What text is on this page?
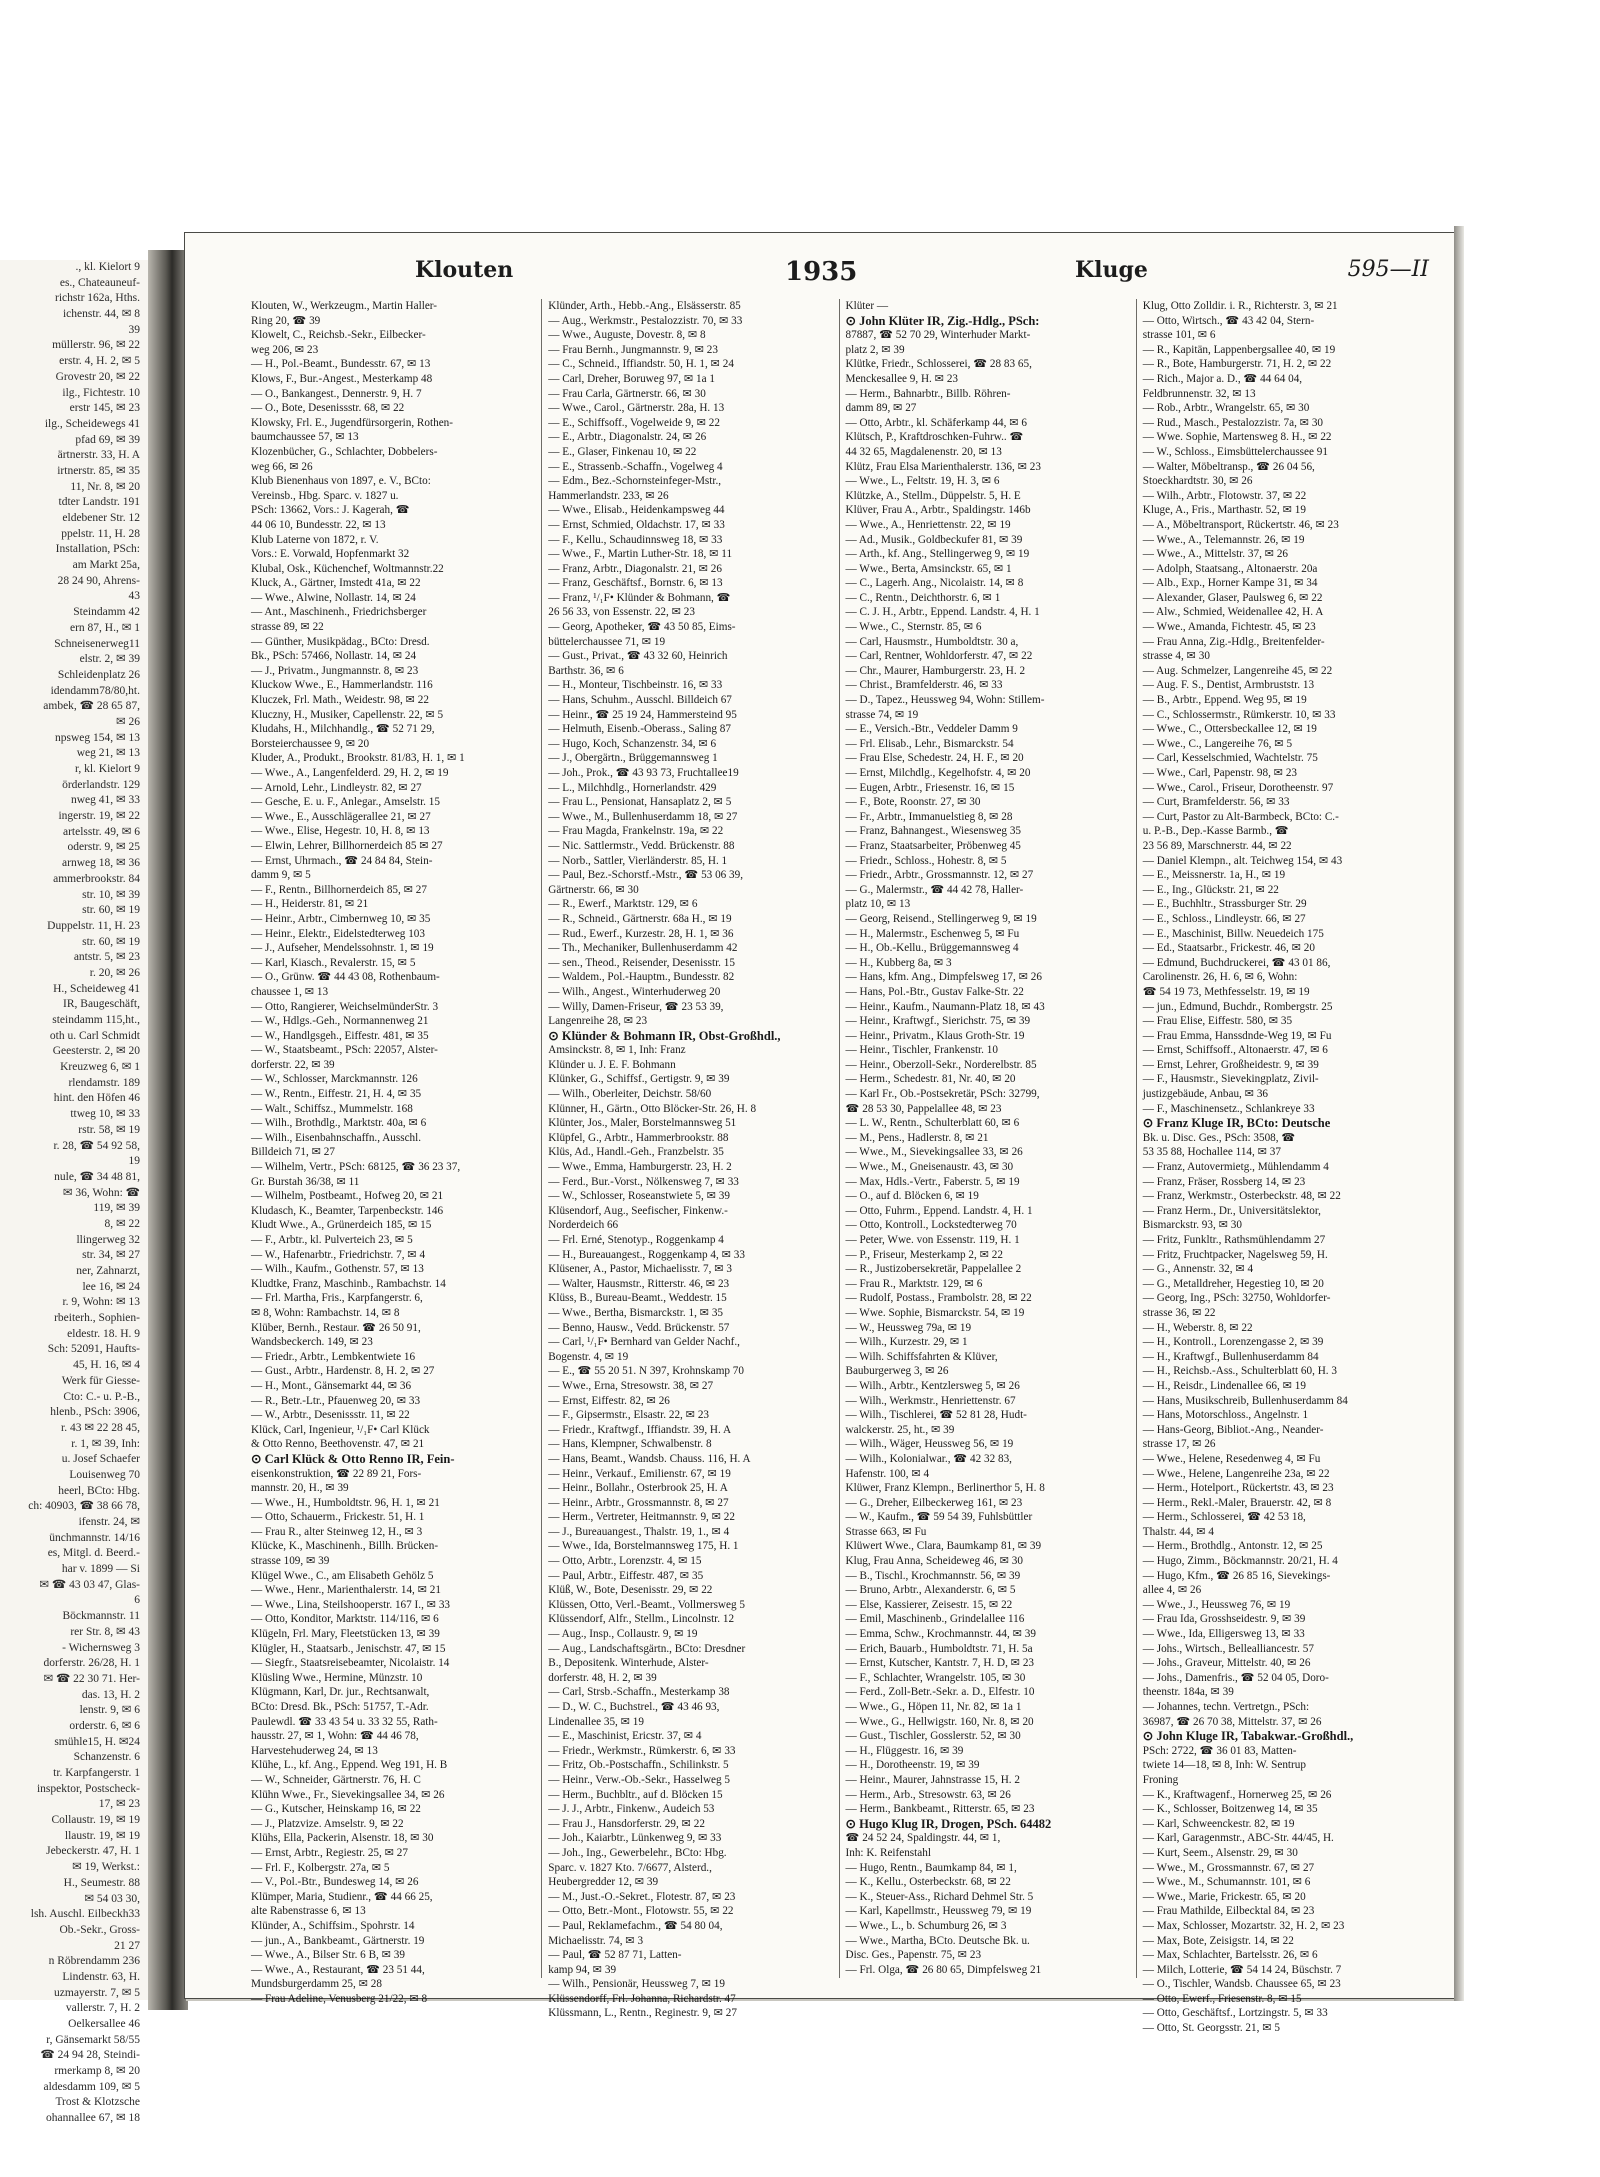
., kl. Kielort 9
es., Chateauneuf-
richstr 162a, Hths.
ichenstr. 44, ✉ 8
39
müllerstr. 96, ✉ 22
erstr. 4, H. 2, ✉ 5
Grovestr 20, ✉ 22
ilg., Fichtestr. 10
erstr 145, ✉ 23
ilg., Scheidewegs 41
pfad 69, ✉ 39
ärtnerstr. 33, H. A
irtnerstr. 85, ✉ 35
11, Nr. 8, ✉ 20
tdter Landstr. 191
eldebener Str. 12
ppelstr. 11, H. 28
Installation, PSch:
am Markt 25a,
28 24 90, Ahrens-
43
Steindamm 42
ern 87, H., ✉ 1
Schneisenerweg11
elstr. 2, ✉ 39
Schleidenplatz 26
idendamm78/80,ht.
ambek, ☎ 28 65 87,
✉ 26
npsweg 154, ✉ 13
weg 21, ✉ 13
r, kl. Kielort 9
örderlandstr. 129
nweg 41, ✉ 33
ingerstr. 19, ✉ 22
artelsstr. 49, ✉ 6
oderstr. 9, ✉ 25
arnweg 18, ✉ 36
ammerbrookstr. 84
str. 10, ✉ 39
str. 60, ✉ 19
Duppelstr. 11, H. 23
str. 60, ✉ 19
antstr. 5, ✉ 23
r. 20, ✉ 26
H., Scheideweg 41
IR, Baugeschäft,
steindamm 115,ht.,
oth u. Carl Schmidt
Geesterstr. 2, ✉ 20
Kreuzweg 6, ✉ 1
rlendamstr. 189
hint. den Höfen 46
ttweg 10, ✉ 33
rstr. 58, ✉ 19
r. 28, ☎ 54 92 58,
19
nule, ☎ 34 48 81,
✉ 36, Wohn: ☎
119, ✉ 39
8, ✉ 22
llingerweg 32
str. 34, ✉ 27
ner, Zahnarzt,
lee 16, ✉ 24
r. 9, Wohn: ✉ 13
rbeiterh., Sophien-
eldestr. 18. H. 9
Sch: 52091, Haufts-
45, H. 16, ✉ 4
Werk für Giesse-
Cto: C.- u. P.-B.,
hlenb., PSch: 3906,
r. 43 ✉ 22 28 45,
r. 1, ✉ 39, Inh:
u. Josef Schaefer
Louisenweg 70
heerl, BCto: Hbg.
ch: 40903, ☎ 38 66 78,
ifenstr. 24, ✉
ünchmannstr. 14/16
es, Mitgl. d. Beerd.-
har v. 1899 — Si
✉ ☎ 43 03 47, Glas-
6
Böckmannstr. 11
rer Str. 8, ✉ 43
- Wichernsweg 3
dorferstr. 26/28, H. 1
✉ ☎ 22 30 71. Her-
das. 13, H. 2
lenstr. 9, ✉ 6
orderstr. 6, ✉ 6
smühle15, H. ✉24
Schanzenstr. 6
tr. Karpfangerstr. 1
inspektor, Postscheck-
17, ✉ 23
Collaustr. 19, ✉ 19
llaustr. 19, ✉ 19
Jebeckerstr. 47, H. 1
✉ 19, Werkst.:
H., Seumestr. 88
✉ 54 03 30,
lsh. Auschl. Eilbeckh33
Ob.-Sekr., Gross-
21 27
n Röbrendamm 236
Lindenstr. 63, H.
uzmayerstr. 7, ✉ 5
vallerstr. 7, H. 2
Oelkersallee 46
r, Gänsemarkt 58/55
☎ 24 94 28, Steindi-
rmerkamp 8, ✉ 20
aldesdamm 109, ✉ 5
Trost & Klotzsche
ohannallee 67, ✉ 18
Klouten	1935	Kluge	595—II
Klouten, W., Werkzeugm., Martin Haller-
Ring 20, ☎ 39
Klowelt, C., Reichsb.-Sekr., Eilbecker-
weg 206, ✉ 23
— H., Pol.-Beamt., Bundesstr. 67, ✉ 13
Klows, F., Bur.-Angest., Mesterkamp 48
— O., Bankangest., Dennerstr. 9, H. 7
— O., Bote, Desenissstr. 68, ✉ 22
Klowsky, Frl. E., Jugendfürsorgerin, Rothen-
baumchaussee 57, ✉ 13
Klozenbücher, G., Schlachter, Dobbelers-
weg 66, ✉ 26
Klub Bienenhaus von 1897, e. V., BCto:
Vereinsb., Hbg. Sparc. v. 1827 u.
PSch: 13662, Vors.: J. Kagerah, ☎
44 06 10, Bundesstr. 22, ✉ 13
Klub Laterne von 1872, r. V.
Vors.: E. Vorwald, Hopfenmarkt 32
Klubal, Osk., Küchenchef, Woltmannstr.22
Kluck, A., Gärtner, Imstedt 41a, ✉ 22
— Wwe., Alwine, Nollastr. 14, ✉ 24
— Ant., Maschinenh., Friedrichsberger
strasse 89, ✉ 22
— Günther, Musikpädag., BCto: Dresd.
Bk., PSch: 57466, Nollastr. 14, ✉ 24
— J., Privatm., Jungmannstr. 8, ✉ 23
Kluckow Wwe., E., Hammerlandstr. 116
Kluczek, Frl. Math., Weidestr. 98, ✉ 22
Kluczny, H., Musiker, Capellenstr. 22, ✉ 5
Kludahs, H., Milchhandlg., ☎ 52 71 29,
Borsteierchaussee 9, ✉ 20
Kluder, A., Produkt., Brookstr. 81/83, H. 1, ✉ 1
— Wwe., A., Langenfelderd. 29, H. 2, ✉ 19
— Arnold, Lehr., Lindleystr. 82, ✉ 27
— Gesche, E. u. F., Anlegar., Amselstr. 15
— Wwe., E., Ausschlägerallee 21, ✉ 27
— Wwe., Elise, Hegestr. 10, H. 8, ✉ 13
— Elwin, Lehrer, Billhornerdeich 85 ✉ 27
— Ernst, Uhrmach., ☎ 24 84 84, Stein-
damm 9, ✉ 5
— F., Rentn., Billhornerdeich 85, ✉ 27
— H., Heiderstr. 81, ✉ 21
— Heinr., Arbtr., Cimbernweg 10, ✉ 35
— Heinr., Elektr., Eidelstedterweg 103
— J., Aufseher, Mendelssohnstr. 1, ✉ 19
— Karl, Kiasch., Revalerstr. 15, ✉ 5
— O., Grünw. ☎ 44 43 08, Rothenbaum-
chaussee 1, ✉ 13
— Otto, Rangierer, WeichselmünderStr. 3
— W., Hdlgs.-Geh., Normannenweg 21
— W., Handlgsgeh., Eiffestr. 481, ✉ 35
— W., Staatsbeamt., PSch: 22057, Alster-
dorferstr. 22, ✉ 39
— W., Schlosser, Marckmannstr. 126
— W., Rentn., Eiffestr. 21, H. 4, ✉ 35
— Walt., Schiffsz., Mummelstr. 168
— Wilh., Brothdlg., Marktstr. 40a, ✉ 6
— Wilh., Eisenbahnschaffn., Ausschl.
Billdeich 71, ✉ 27
— Wilhelm, Vertr., PSch: 68125, ☎ 36 23 37,
Gr. Burstah 36/38, ✉ 11
— Wilhelm, Postbeamt., Hofweg 20, ✉ 21
Kludasch, K., Beamter, Tarpenbeckstr. 146
Kludt Wwe., A., Grünerdeich 185, ✉ 15
— F., Arbtr., kl. Pulverteich 23, ✉ 5
— W., Hafenarbtr., Friedrichstr. 7, ✉ 4
— Wilh., Kaufm., Gothenstr. 57, ✉ 13
Kludtke, Franz, Maschinb., Rambachstr. 14
— Frl. Martha, Fris., Karpfangerstr. 6,
✉ 8, Wohn: Rambachstr. 14, ✉ 8
Klüber, Bernh., Restaur. ☎ 26 50 91,
Wandsbeckerch. 149, ✉ 23
— Friedr., Arbtr., Lembkentwiete 16
— Gust., Arbtr., Hardenstr. 8, H. 2, ✉ 27
— H., Mont., Gänsemarkt 44, ✉ 36
— R., Betr.-Ltr., Pfauenweg 20, ✉ 33
— W., Arbtr., Desenissstr. 11, ✉ 22
Klück, Carl, Ingenieur, ¹/₁F• Carl Klück
& Otto Renno, Beethovenstr. 47, ✉ 21
⊙ Carl Klück & Otto Renno IR, Fein-
eisenkonstruktion, ☎ 22 89 21, Fors-
mannstr. 20, H., ✉ 39
— Wwe., H., Humboldtstr. 96, H. 1, ✉ 21
— Otto, Schauerm., Frickestr. 51, H. 1
— Frau R., alter Steinweg 12, H., ✉ 3
Klücke, K., Maschinenh., Billh. Brücken-
strasse 109, ✉ 39
Klügel Wwe., C., am Elisabeth Gehölz 5
— Wwe., Henr., Marienthalerstr. 14, ✉ 21
— Wwe., Lina, Steilshooperstr. 167 I., ✉ 33
— Otto, Konditor, Marktstr. 114/116, ✉ 6
Klügeln, Frl. Mary, Fleetstücken 13, ✉ 39
Klügler, H., Staatsarb., Jenischstr. 47, ✉ 15
— Siegfr., Staatsreisebeamter, Nicolaistr. 14
Klüsling Wwe., Hermine, Münzstr. 10
Klügmann, Karl, Dr. jur., Rechtsanwalt,
BCto: Dresd. Bk., PSch: 51757, T.-Adr.
Paulewdl. ☎ 33 43 54 u. 33 32 55, Rath-
hausstr. 27, ✉ 1, Wohn: ☎ 44 46 78,
Harvestehuderweg 24, ✉ 13
Klühe, L., kf. Ang., Eppend. Weg 191, H. B
— W., Schneider, Gärtnerstr. 76, H. C
Klühn Wwe., Fr., Sievekingsallee 34, ✉ 26
— G., Kutscher, Heinskamp 16, ✉ 22
— J., Platzvize. Amselstr. 9, ✉ 22
Klühs, Ella, Packerin, Alsenstr. 18, ✉ 30
— Ernst, Arbtr., Regiestr. 25, ✉ 27
— Frl. F., Kolbergstr. 27a, ✉ 5
— V., Pol.-Btr., Bundesweg 14, ✉ 26
Klümper, Maria, Studienr., ☎ 44 66 25,
alte Rabenstrasse 6, ✉ 13
Klünder, A., Schiffsim., Spohrstr. 14
— jun., A., Bankbeamt., Gärtnerstr. 19
— Wwe., A., Bilser Str. 6 B, ✉ 39
— Wwe., A., Restaurant, ☎ 23 51 44,
Mundsburgerdamm 25, ✉ 28
— Frau Adeline, Venusberg 21/22, ✉ 8
Klünder, Arth., Hebb.-Ang., Elsässerstr. 85
— Aug., Werkmstr., Pestalozzistr. 70, ✉ 33
— Wwe., Auguste, Dovestr. 8, ✉ 8
— Frau Bernh., Jungmannstr. 9, ✉ 23
— C., Schneid., Iffiandstr. 50, H. 1, ✉ 24
— Carl, Dreher, Boruweg 97, ✉ 1a 1
— Frau Carla, Gärtnerstr. 66, ✉ 30
— Wwe., Carol., Gärtnerstr. 28a, H. 13
— E., Schiffsoff., Vogelweide 9, ✉ 22
— E., Arbtr., Diagonalstr. 24, ✉ 26
— E., Glaser, Finkenau 10, ✉ 22
— E., Strassenb.-Schaffn., Vogelweg 4
— Edm., Bez.-Schornsteinfeger-Mstr.,
Hammerlandstr. 233, ✉ 26
— Wwe., Elisab., Heidenkampsweg 44
— Ernst, Schmied, Oldachstr. 17, ✉ 33
— F., Kellu., Schaudinnsweg 18, ✉ 33
— Wwe., F., Martin Luther-Str. 18, ✉ 11
— Franz, Arbtr., Diagonalstr. 21, ✉ 26
— Franz, Geschäftsf., Bornstr. 6, ✉ 13
— Franz, ¹/₁F• Klünder & Bohmann, ☎
26 56 33, von Essenstr. 22, ✉ 23
— Georg, Apotheker, ☎ 43 50 85, Eims-
büttelerchaussee 71, ✉ 19
— Gust., Privat., ☎ 43 32 60, Heinrich
Barthstr. 36, ✉ 6
— H., Monteur, Tischbeinstr. 16, ✉ 33
— Hans, Schuhm., Ausschl. Billdeich 67
— Heinr., ☎ 25 19 24, Hammersteind 95
— Helmuth, Eisenb.-Oberass., Saling 87
— Hugo, Koch, Schanzenstr. 34, ✉ 6
— J., Obergärtn., Brüggemannsweg 1
— Joh., Prok., ☎ 43 93 73, Fruchtallee19
— L., Milchhdlg., Hornerlandstr. 429
— Frau L., Pensionat, Hansaplatz 2, ✉ 5
— Wwe., M., Bullenhuserdamm 18, ✉ 27
— Frau Magda, Frankelnstr. 19a, ✉ 22
— Nic. Sattlermstr., Vedd. Brückenstr. 88
— Norb., Sattler, Vierländerstr. 85, H. 1
— Paul, Bez.-Schorstf.-Mstr., ☎ 53 06 39,
Gärtnerstr. 66, ✉ 30
— R., Ewerf., Marktstr. 129, ✉ 6
— R., Schneid., Gärtnerstr. 68a H., ✉ 19
— Rud., Ewerf., Kurzestr. 28, H. 1, ✉ 36
— Th., Mechaniker, Bullenhuserdamm 42
— sen., Theod., Reisender, Desenisstr. 15
— Waldem., Pol.-Hauptm., Bundesstr. 82
— Wilh., Angest., Winterhuderweg 20
— Willy, Damen-Friseur, ☎ 23 53 39,
Langenreihe 28, ✉ 23
⊙ Klünder & Bohmann IR, Obst-Großhdl.,
Amsinckstr. 8, ✉ 1, Inh: Franz
Klünder u. J. E. F. Bohmann
Klünker, G., Schiffsf., Gertigstr. 9, ✉ 39
— Wilh., Oberleiter, Deichstr. 58/60
Klünner, H., Gärtn., Otto Blöcker-Str. 26, H. 8
Klünter, Jos., Maler, Borstelmannsweg 51
Klüpfel, G., Arbtr., Hammerbrookstr. 88
Klüs, Ad., Handl.-Geh., Franzbelstr. 35
— Wwe., Emma, Hamburgerstr. 23, H. 2
— Ferd., Bur.-Vorst., Nölkensweg 7, ✉ 33
— W., Schlosser, Roseanstwiete 5, ✉ 39
Klüsendorf, Aug., Seefischer, Finkenw.-
Norderdeich 66
— Frl. Erné, Stenotyp., Roggenkamp 4
— H., Bureauangest., Roggenkamp 4, ✉ 33
Klüsener, A., Pastor, Michaelisstr. 7, ✉ 3
— Walter, Hausmstr., Ritterstr. 46, ✉ 23
Klüss, B., Bureau-Beamt., Weddestr. 15
— Wwe., Bertha, Bismarckstr. 1, ✉ 35
— Benno, Hausw., Vedd. Brückenstr. 57
— Carl, ¹/₁F• Bernhard van Gelder Nachf.,
Bogenstr. 4, ✉ 19
— E., ☎ 55 20 51. N 397, Krohnskamp 70
— Wwe., Erna, Stresowstr. 38, ✉ 27
— Ernst, Eiffestr. 82, ✉ 26
— F., Gipsermstr., Elsastr. 22, ✉ 23
— Friedr., Kraftwgf., Iffiandstr. 39, H. A
— Hans, Klempner, Schwalbenstr. 8
— Hans, Beamt., Wandsb. Chauss. 116, H. A
— Heinr., Verkauf., Emilienstr. 67, ✉ 19
— Heinr., Bollahr., Osterbrook 25, H. A
— Heinr., Arbtr., Grossmannstr. 8, ✉ 27
— Herm., Vertreter, Heitmannstr. 9, ✉ 22
— J., Bureauangest., Thalstr. 19, 1., ✉ 4
— Wwe., Ida, Borstelmannsweg 175, H. 1
— Otto, Arbtr., Lorenzstr. 4, ✉ 15
— Paul, Arbtr., Eiffestr. 487, ✉ 35
Klüß, W., Bote, Desenisstr. 29, ✉ 22
Klüssen, Otto, Verl.-Beamt., Vollmersweg 5
Klüssendorf, Alfr., Stellm., Lincolnstr. 12
— Aug., Insp., Collaustr. 9, ✉ 19
— Aug., Landschaftsgärtn., BCto: Dresdner
B., Depositenk. Winterhude, Alster-
dorferstr. 48, H. 2, ✉ 39
— Carl, Strsb.-Schaffn., Mesterkamp 38
— D., W. C., Buchstrel., ☎ 43 46 93,
Lindenallee 35, ✉ 19
— E., Maschinist, Ericstr. 37, ✉ 4
— Friedr., Werkmstr., Rümkerstr. 6, ✉ 33
— Fritz, Ob.-Postschaffn., Schilinkstr. 5
— Heinr., Verw.-Ob.-Sekr., Hasselweg 5
— Herm., Buchbltr., auf d. Blöcken 15
— J. J., Arbtr., Finkenw., Audeich 53
— Frau J., Hansdorferstr. 29, ✉ 22
— Joh., Kaiarbtr., Lünkenweg 9, ✉ 33
— Joh., Ing., Gewerbelehr., BCto: Hbg.
Sparc. v. 1827 Kto. 7/6677, Alsterd.,
Heubergredder 12, ✉ 39
— M., Just.-O.-Sekret., Flotestr. 87, ✉ 23
— Otto, Betr.-Mont., Flotowstr. 55, ✉ 22
— Paul, Reklamefachm., ☎ 54 80 04,
Michaelisstr. 74, ✉ 3
— Paul, ☎ 52 87 71, Latten-
kamp 94, ✉ 39
— Wilh., Pensionär, Heussweg 7, ✉ 19
Klüssendorff, Frl. Johanna, Richardstr. 47
Klüssmann, L., Rentn., Reginestr. 9, ✉ 27
Klüter —
⊙ John Klüter IR, Zig.-Hdlg., PSch:
87887, ☎ 52 70 29, Winterhuder Markt-
platz 2, ✉ 39
Klütke, Friedr., Schlosserei, ☎ 28 83 65,
Menckesallee 9, H. ✉ 23
— Herm., Bahnarbtr., Billb. Röhren-
damm 89, ✉ 27
— Otto, Arbtr., kl. Schäferkamp 44, ✉ 6
Klütsch, P., Kraftdroschken-Fuhrw.. ☎
44 32 65, Magdalenenstr. 20, ✉ 13
Klütz, Frau Elsa Marienthalerstr. 136, ✉ 23
— Wwe., L., Feltstr. 19, H. 3, ✉ 6
Klützke, A., Stellm., Düppelstr. 5, H. E
Klüver, Frau A., Arbtr., Spaldingstr. 146b
— Wwe., A., Henriettenstr. 22, ✉ 19
— Ad., Musik., Goldbeckufer 81, ✉ 39
— Arth., kf. Ang., Stellingerweg 9, ✉ 19
— Wwe., Berta, Amsinckstr. 65, ✉ 1
— C., Lagerh. Ang., Nicolaistr. 14, ✉ 8
— C., Rentn., Deichthorstr. 6, ✉ 1
— C. J. H., Arbtr., Eppend. Landstr. 4, H. 1
— Wwe., C., Sternstr. 85, ✉ 6
— Carl, Hausmstr., Humboldtstr. 30 a,
— Carl, Rentner, Wohldorferstr. 47, ✉ 22
— Chr., Maurer, Hamburgerstr. 23, H. 2
— Christ., Bramfelderstr. 46, ✉ 33
— D., Tapez., Heussweg 94, Wohn: Stillem-
strasse 74, ✉ 19
— E., Versich.-Btr., Veddeler Damm 9
— Frl. Elisab., Lehr., Bismarckstr. 54
— Frau Else, Schedestr. 24, H. F., ✉ 20
— Ernst, Milchdlg., Kegelhofstr. 4, ✉ 20
— Eugen, Arbtr., Friesenstr. 16, ✉ 15
— F., Bote, Roonstr. 27, ✉ 30
— Fr., Arbtr., Immanuelstieg 8, ✉ 28
— Franz, Bahnangest., Wiesensweg 35
— Franz, Staatsarbeiter, Pröbenweg 45
— Friedr., Schloss., Hohestr. 8, ✉ 5
— Friedr., Arbtr., Grossmannstr. 12, ✉ 27
— G., Malermstr., ☎ 44 42 78, Haller-
platz 10, ✉ 13
— Georg, Reisend., Stellingerweg 9, ✉ 19
— H., Malermstr., Eschenweg 5, ✉ Fu
— H., Ob.-Kellu., Brüggemannsweg 4
— H., Kubberg 8a, ✉ 3
— Hans, kfm. Ang., Dimpfelsweg 17, ✉ 26
— Hans, Pol.-Btr., Gustav Falke-Str. 22
— Heinr., Kaufm., Naumann-Platz 18, ✉ 43
— Heinr., Kraftwgf., Sierichstr. 75, ✉ 39
— Heinr., Privatm., Klaus Groth-Str. 19
— Heinr., Tischler, Frankenstr. 10
— Heinr., Oberzoll-Sekr., Norderelbstr. 85
— Herm., Schedestr. 81, Nr. 40, ✉ 20
— Karl Fr., Ob.-Postsekretär, PSch: 32799,
☎ 28 53 30, Pappelallee 48, ✉ 23
— L. W., Rentn., Schulterblatt 60, ✉ 6
— M., Pens., Hadlerstr. 8, ✉ 21
— Wwe., M., Sievekingsallee 33, ✉ 26
— Wwe., M., Gneisenaustr. 43, ✉ 30
— Max, Hdls.-Vertr., Faberstr. 5, ✉ 19
— O., auf d. Blöcken 6, ✉ 19
— Otto, Fuhrm., Eppend. Landstr. 4, H. 1
— Otto, Kontroll., Lockstedterweg 70
— Peter, Wwe. von Essenstr. 119, H. 1
— P., Friseur, Mesterkamp 2, ✉ 22
— R., Justizobersekretär, Pappelallee 2
— Frau R., Marktstr. 129, ✉ 6
— Rudolf, Postass., Frambolstr. 28, ✉ 22
— Wwe. Sophie, Bismarckstr. 54, ✉ 19
— W., Heussweg 79a, ✉ 19
— Wilh., Kurzestr. 29, ✉ 1
— Wilh. Schiffsfahrten & Klüver,
Bauburgerweg 3, ✉ 26
— Wilh., Arbtr., Kentzlersweg 5, ✉ 26
— Wilh., Werkmstr., Henriettenstr. 67
— Wilh., Tischlerei, ☎ 52 81 28, Hudt-
walckerstr. 25, ht., ✉ 39
— Wilh., Wäger, Heussweg 56, ✉ 19
— Wilh., Kolonialwar., ☎ 42 32 83,
Hafenstr. 100, ✉ 4
Klüwer, Franz Klempn., Berlinerthor 5, H. 8
— G., Dreher, Eilbeckerweg 161, ✉ 23
— W., Kaufm., ☎ 59 54 39, Fuhlsbüttler
Strasse 663, ✉ Fu
Klüwert Wwe., Clara, Baumkamp 81, ✉ 39
Klug, Frau Anna, Scheideweg 46, ✉ 30
— B., Tischl., Krochmannstr. 56, ✉ 39
— Bruno, Arbtr., Alexanderstr. 6, ✉ 5
— Else, Kassierer, Zeisestr. 15, ✉ 22
— Emil, Maschinenb., Grindelallee 116
— Emma, Schw., Krochmannstr. 44, ✉ 39
— Erich, Bauarb., Humboldtstr. 71, H. 5a
— Ernst, Kutscher, Kantstr. 7, H. D, ✉ 23
— F., Schlachter, Wrangelstr. 105, ✉ 30
— Ferd., Zoll-Betr.-Sekr. a. D., Elfestr. 10
— Wwe., G., Höpen 11, Nr. 82, ✉ 1a 1
— Wwe., G., Hellwigstr. 160, Nr. 8, ✉ 20
— Gust., Tischler, Gosslerstr. 52, ✉ 30
— H., Flüggestr. 16, ✉ 39
— H., Dorotheenstr. 19, ✉ 39
— Heinr., Maurer, Jahnstrasse 15, H. 2
— Herm., Arb., Stresowstr. 63, ✉ 26
— Herm., Bankbeamt., Ritterstr. 65, ✉ 23
⊙ Hugo Klug IR, Drogen, PSch. 64482
☎ 24 52 24, Spaldingstr. 44, ✉ 1,
Inh: K. Reifenstahl
— Hugo, Rentn., Baumkamp 84, ✉ 1,
— K., Kellu., Osterbeckstr. 68, ✉ 22
— K., Steuer-Ass., Richard Dehmel Str. 5
— Karl, Kapellmstr., Heussweg 79, ✉ 19
— Wwe., L., b. Schumburg 26, ✉ 3
— Wwe., Martha, BCto. Deutsche Bk. u.
Disc. Ges., Papenstr. 75, ✉ 23
— Frl. Olga, ☎ 26 80 65, Dimpfelsweg 21
Klug, Otto Zolldir. i. R., Richterstr. 3, ✉ 21
— Otto, Wirtsch., ☎ 43 42 04, Stern-
strasse 101, ✉ 6
— R., Kapitän, Lappenbergsallee 40, ✉ 19
— R., Bote, Hamburgerstr. 71, H. 2, ✉ 22
— Rich., Major a. D., ☎ 44 64 04,
Feldbrunnenstr. 32, ✉ 13
— Rob., Arbtr., Wrangelstr. 65, ✉ 30
— Rud., Masch., Pestalozzistr. 7a, ✉ 30
— Wwe. Sophie, Martensweg 8. H., ✉ 22
— W., Schloss., Eimsbüttelerchaussee 91
— Walter, Möbeltransp., ☎ 26 04 56,
Stoeckhardtstr. 30, ✉ 26
— Wilh., Arbtr., Flotowstr. 37, ✉ 22
Kluge, A., Fris., Marthastr. 52, ✉ 19
— A., Möbeltransport, Rückertstr. 46, ✉ 23
— Wwe., A., Telemannstr. 26, ✉ 19
— Wwe., A., Mittelstr. 37, ✉ 26
— Adolph, Staatsang., Altonaerstr. 20a
— Alb., Exp., Horner Kampe 31, ✉ 34
— Alexander, Glaser, Paulsweg 6, ✉ 22
— Alw., Schmied, Weidenallee 42, H. A
— Wwe., Amanda, Fichtestr. 45, ✉ 23
— Frau Anna, Zig.-Hdlg., Breitenfelder-
strasse 4, ✉ 30
— Aug. Schmelzer, Langenreihe 45, ✉ 22
— Aug. F. S., Dentist, Armbruststr. 13
— B., Arbtr., Eppend. Weg 95, ✉ 19
— C., Schlossermstr., Rümkerstr. 10, ✉ 33
— Wwe., C., Ottersbeckallee 12, ✉ 19
— Wwe., C., Langereihe 76, ✉ 5
— Carl, Kesselschmied, Wachtelstr. 75
— Wwe., Carl, Papenstr. 98, ✉ 23
— Wwe., Carol., Friseur, Dorotheenstr. 97
— Curt, Bramfelderstr. 56, ✉ 33
— Curt, Pastor zu Alt-Barmbeck, BCto: C.-
u. P.-B., Dep.-Kasse Barmb., ☎
23 56 89, Marschnerstr. 44, ✉ 22
— Daniel Klempn., alt. Teichweg 154, ✉ 43
— E., Meissnerstr. 1a, H., ✉ 19
— E., Ing., Glückstr. 21, ✉ 22
— E., Buchhltr., Strassburger Str. 29
— E., Schloss., Lindleystr. 66, ✉ 27
— E., Maschinist, Billw. Neuedeich 175
— Ed., Staatsarbr., Frickestr. 46, ✉ 20
— Edmund, Buchdruckerei, ☎ 43 01 86,
Carolinenstr. 26, H. 6, ✉ 6, Wohn:
☎ 54 19 73, Methfesselstr. 19, ✉ 19
— jun., Edmund, Buchdr., Rombergstr. 25
— Frau Elise, Eiffestr. 580, ✉ 35
— Frau Emma, Hanssdnde-Weg 19, ✉ Fu
— Ernst, Schiffsoff., Altonaerstr. 47, ✉ 6
— Ernst, Lehrer, Großheidestr. 9, ✉ 39
— F., Hausmstr., Sievekingplatz, Zivil-
justizgebäude, Anbau, ✉ 36
— F., Maschinensetz., Schlankreye 33
⊙ Franz Kluge IR, BCto: Deutsche
Bk. u. Disc. Ges., PSch: 3508, ☎
53 35 88, Hochallee 114, ✉ 37
— Franz, Autovermietg., Mühlendamm 4
— Franz, Fräser, Rossberg 14, ✉ 23
— Franz, Werkmstr., Osterbeckstr. 48, ✉ 22
— Franz Herm., Dr., Universitätslektor,
Bismarckstr. 93, ✉ 30
— Fritz, Funkltr., Rathsmühlendamm 27
— Fritz, Fruchtpacker, Nagelsweg 59, H.
— G., Annenstr. 32, ✉ 4
— G., Metalldreher, Hegestieg 10, ✉ 20
— Georg, Ing., PSch: 32750, Wohldorfer-
strasse 36, ✉ 22
— H., Weberstr. 8, ✉ 22
— H., Kontroll., Lorenzengasse 2, ✉ 39
— H., Kraftwgf., Bullenhuserdamm 84
— H., Reichsb.-Ass., Schulterblatt 60, H. 3
— H., Reisdr., Lindenallee 66, ✉ 19
— Hans, Musikschreib, Bullenhuserdamm 84
— Hans, Motorschloss., Angelnstr. 1
— Hans-Georg, Bibliot.-Ang., Neander-
strasse 17, ✉ 26
— Wwe., Helene, Resedenweg 4, ✉ Fu
— Wwe., Helene, Langenreihe 23a, ✉ 22
— Herm., Hotelport., Rückertstr. 43, ✉ 23
— Herm., Rekl.-Maler, Brauerstr. 42, ✉ 8
— Herm., Schlosserei, ☎ 42 53 18,
Thalstr. 44, ✉ 4
— Herm., Brothdlg., Antonstr. 12, ✉ 25
— Hugo, Zimm., Böckmannstr. 20/21, H. 4
— Hugo, Kfm., ☎ 26 85 16, Sievekings-
allee 4, ✉ 26
— Wwe., J., Heussweg 76, ✉ 19
— Frau Ida, Grosshseidestr. 9, ✉ 39
— Wwe., Ida, Elligersweg 13, ✉ 33
— Johs., Wirtsch., Bellealliancestr. 57
— Johs., Graveur, Mittelstr. 40, ✉ 26
— Johs., Damenfris., ☎ 52 04 05, Doro-
theenstr. 184a, ✉ 39
— Johannes, techn. Vertretgn., PSch:
36987, ☎ 26 70 38, Mittelstr. 37, ✉ 26
⊙ John Kluge IR, Tabakwar.-Großhdl.,
PSch: 2722, ☎ 36 01 83, Matten-
twiete 14—18, ✉ 8, Inh: W. Sentrup
Froning
— K., Kraftwagenf., Hornerweg 25, ✉ 26
— K., Schlosser, Boitzenweg 14, ✉ 35
— Karl, Schweenckestr. 82, ✉ 19
— Karl, Garagenmstr., ABC-Str. 44/45, H.
— Kurt, Seem., Alsenstr. 29, ✉ 30
— Wwe., M., Grossmannstr. 67, ✉ 27
— Wwe., M., Schumannstr. 101, ✉ 6
— Wwe., Marie, Frickestr. 65, ✉ 20
— Frau Mathilde, Eilbecktal 84, ✉ 23
— Max, Schlosser, Mozartstr. 32, H. 2, ✉ 23
— Max, Bote, Zeisigstr. 14, ✉ 22
— Max, Schlachter, Bartelsstr. 26, ✉ 6
— Milch, Lotterie, ☎ 54 14 24, Büschstr. 7
— O., Tischler, Wandsb. Chaussee 65, ✉ 23
— Otto, Ewerf., Friesenstr. 8, ✉ 15
— Otto, Geschäftsf., Lortzingstr. 5, ✉ 33
— Otto, St. Georgsstr. 21, ✉ 5
